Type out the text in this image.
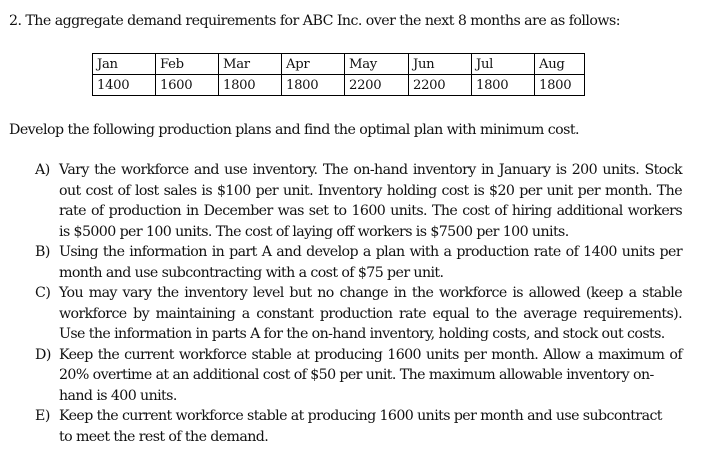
2. The aggregate demand requirements for ABC Inc. over the next 8 months are as follows:
Jan	Feb	Mar	Apr	May	Jun	Jul	Aug
1400	1600	1800	1800	2200	2200	1800	1800
Develop the following production plans and find the optimal plan with minimum cost.
A) Vary the workforce and use inventory. The on-hand inventory in January is 200 units. Stock
out cost of lost sales is $100 per unit. Inventory holding cost is $20 per unit per month. The
rate of production in December was set to 1600 units. The cost of hiring additional workers
is $5000 per 100 units. The cost of laying off workers is $7500 per 100 units.
B) Using the information in part A and develop a plan with a production rate of 1400 units per
month and use subcontracting with a cost of $75 per unit.
C) You may vary the inventory level but no change in the workforce is allowed (keep a stable
workforce by maintaining a constant production rate equal to the average requirements).
Use the information in parts A for the on-hand inventory, holding costs, and stock out costs.
D) Keep the current workforce stable at producing 1600 units per month. Allow a maximum of
20% overtime at an additional cost of $50 per unit. The maximum allowable inventory on-
hand is 400 units.
E) Keep the current workforce stable at producing 1600 units per month and use subcontract
to meet the rest of the demand.
